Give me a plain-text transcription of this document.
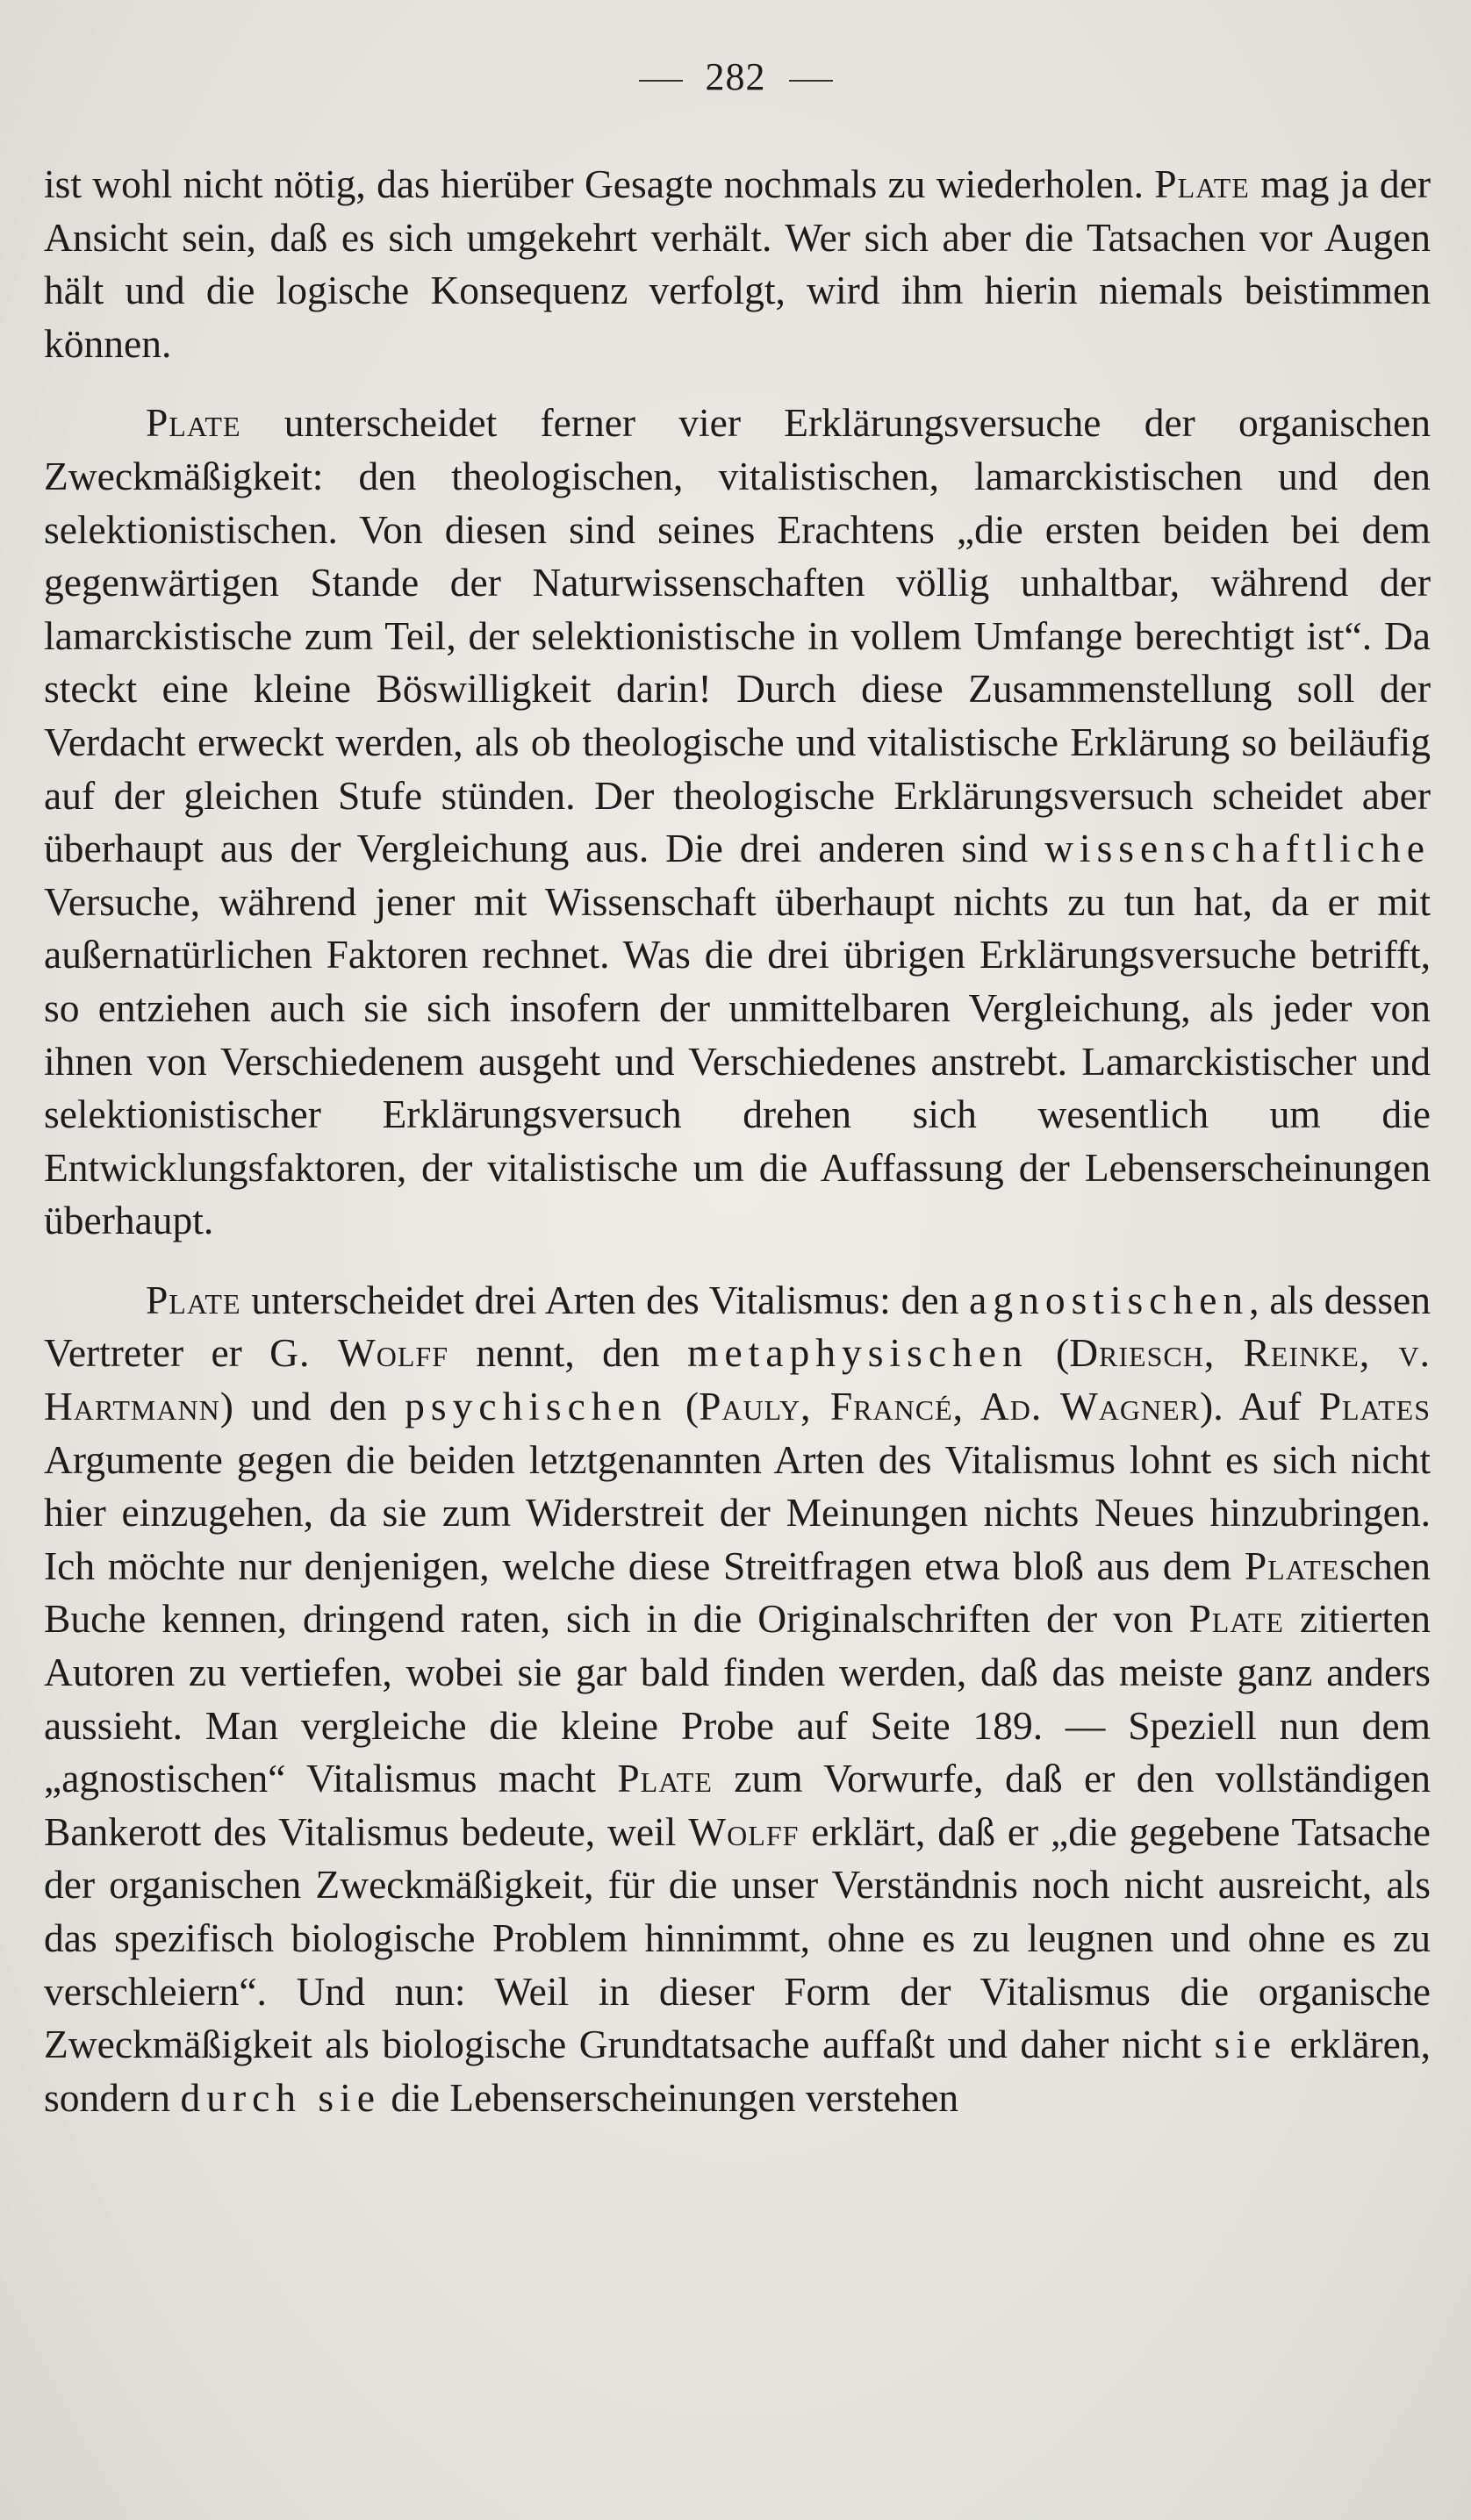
282

ist wohl nicht nötig, das hierüber Gesagte nochmals zu wiederholen. Plate mag ja der Ansicht sein, daß es sich umgekehrt verhält. Wer sich aber die Tatsachen vor Augen hält und die logische Konsequenz verfolgt, wird ihm hierin niemals beistimmen können.

Plate unterscheidet ferner vier Erklärungsversuche der organischen Zweckmäßigkeit: den theologischen, vitalistischen, lamarckistischen und den selektionistischen. Von diesen sind seines Erachtens „die ersten beiden bei dem gegenwärtigen Stande der Naturwissenschaften völlig unhaltbar, während der lamarckistische zum Teil, der selektionistische in vollem Umfange berechtigt ist“. Da steckt eine kleine Böswilligkeit darin! Durch diese Zusammenstellung soll der Verdacht erweckt werden, als ob theologische und vitalistische Erklärung so beiläufig auf der gleichen Stufe stünden. Der theologische Erklärungsversuch scheidet aber überhaupt aus der Vergleichung aus. Die drei anderen sind wissenschaftliche Versuche, während jener mit Wissenschaft überhaupt nichts zu tun hat, da er mit außernatürlichen Faktoren rechnet. Was die drei übrigen Erklärungsversuche betrifft, so entziehen auch sie sich insofern der unmittelbaren Vergleichung, als jeder von ihnen von Verschiedenem ausgeht und Verschiedenes anstrebt. Lamarckistischer und selektionistischer Erklärungsversuch drehen sich wesentlich um die Entwicklungsfaktoren, der vitalistische um die Auffassung der Lebenserscheinungen überhaupt.

Plate unterscheidet drei Arten des Vitalismus: den agnostischen, als dessen Vertreter er G. Wolff nennt, den metaphysischen (Driesch, Reinke, v. Hartmann) und den psychischen (Pauly, Francé, Ad. Wagner). Auf Plates Argumente gegen die beiden letztgenannten Arten des Vitalismus lohnt es sich nicht hier einzugehen, da sie zum Widerstreit der Meinungen nichts Neues hinzubringen. Ich möchte nur denjenigen, welche diese Streitfragen etwa bloß aus dem Plateschen Buche kennen, dringend raten, sich in die Originalschriften der von Plate zitierten Autoren zu vertiefen, wobei sie gar bald finden werden, daß das meiste ganz anders aussieht. Man vergleiche die kleine Probe auf Seite 189. — Speziell nun dem „agnostischen“ Vitalismus macht Plate zum Vorwurfe, daß er den vollständigen Bankerott des Vitalismus bedeute, weil Wolff erklärt, daß er „die gegebene Tatsache der organischen Zweckmäßigkeit, für die unser Verständnis noch nicht ausreicht, als das spezifisch biologische Problem hinnimmt, ohne es zu leugnen und ohne es zu verschleiern“. Und nun: Weil in dieser Form der Vitalismus die organische Zweckmäßigkeit als biologische Grundtatsache auffaßt und daher nicht sie erklären, sondern durch sie die Lebenserscheinungen verstehen
